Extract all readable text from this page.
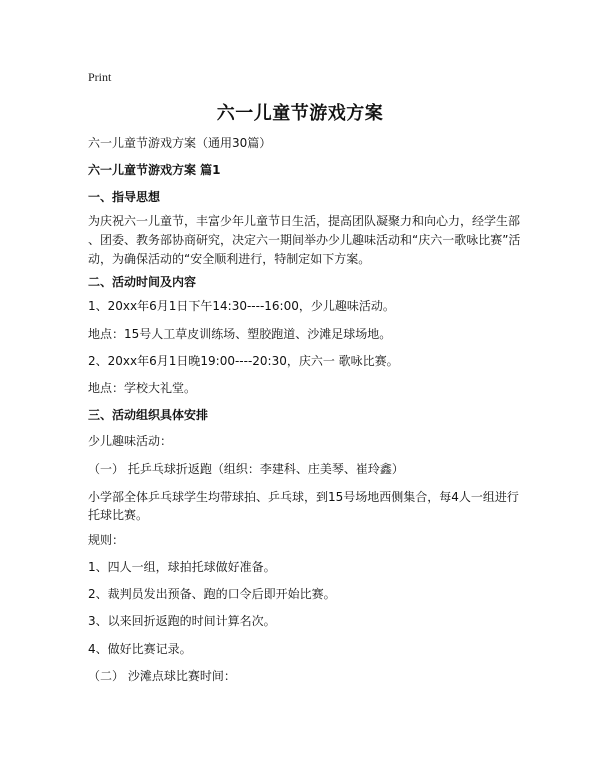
Print
六一儿童节游戏方案
六一儿童节游戏方案（通用30篇）
六一儿童节游戏方案 篇1
一、指导思想
为庆祝六一儿童节，丰富少年儿童节日生活，提高团队凝聚力和向心力，经学生部
、团委、教务部协商研究，决定六一期间举办少儿趣味活动和“庆六一歌咏比赛”活
动，为确保活动的“安全顺利进行，特制定如下方案。
二、活动时间及内容
1、20xx年6月1日下午14:30----16:00，少儿趣味活动。
地点：15号人工草皮训练场、塑胶跑道、沙滩足球场地。
2、20xx年6月1日晚19:00----20:30，庆六一 歌咏比赛。
地点：学校大礼堂。
三、活动组织具体安排
少儿趣味活动：
（一） 托乒乓球折返跑（组织：李建科、庄美琴、崔玲鑫）
小学部全体乒乓球学生均带球拍、乒乓球，到15号场地西侧集合，每4人一组进行
托球比赛。
规则：
1、四人一组，球拍托球做好准备。
2、裁判员发出预备、跑的口令后即开始比赛。
3、以来回折返跑的时间计算名次。
4、做好比赛记录。
（二） 沙滩点球比赛时间：
